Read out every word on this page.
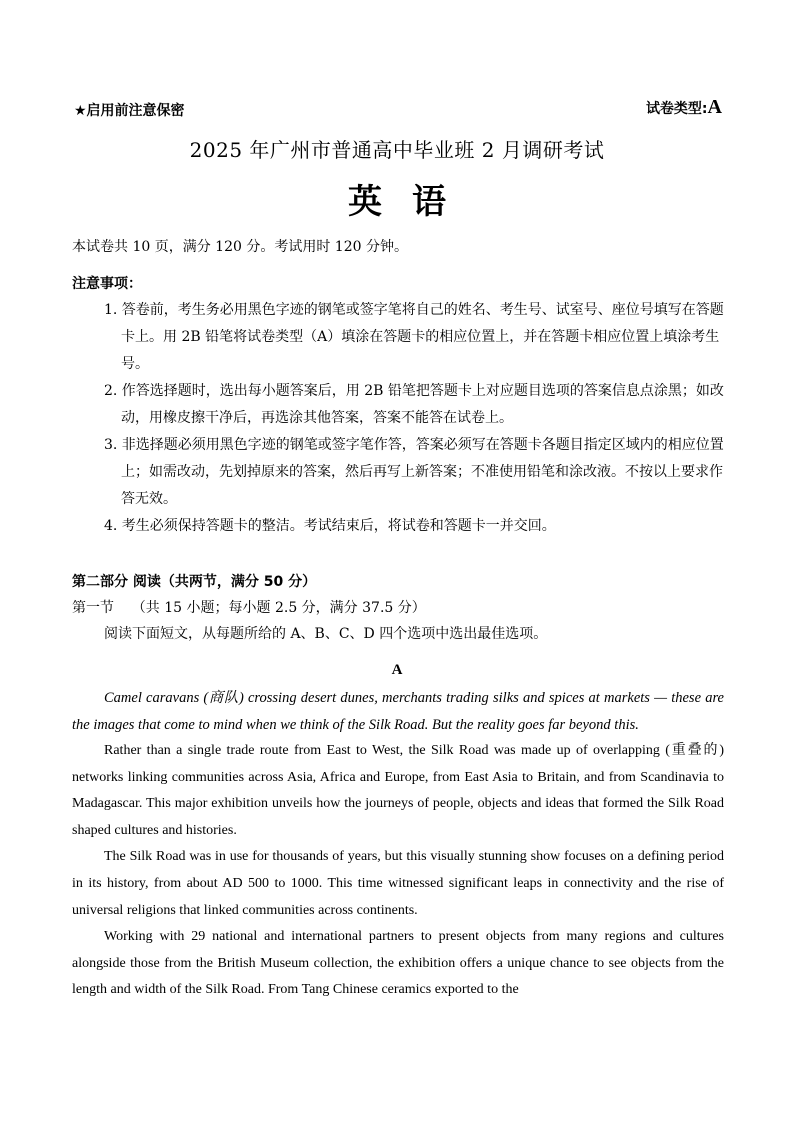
★启用前注意保密	试卷类型:A
2025 年广州市普通高中毕业班 2 月调研考试
英语
本试卷共 10 页，满分 120 分。考试用时 120 分钟。
注意事项：
1. 答卷前，考生务必用黑色字迹的钢笔或签字笔将自己的姓名、考生号、试室号、座位号填写在答题卡上。用 2B 铅笔将试卷类型（A）填涂在答题卡的相应位置上，并在答题卡相应位置上填涂考生号。
2. 作答选择题时，选出每小题答案后，用 2B 铅笔把答题卡上对应题目选项的答案信息点涂黑；如改动，用橡皮擦干净后，再选涂其他答案，答案不能答在试卷上。
3. 非选择题必须用黑色字迹的钢笔或签字笔作答，答案必须写在答题卡各题目指定区域内的相应位置上；如需改动，先划掉原来的答案，然后再写上新答案；不准使用铅笔和涂改液。不按以上要求作答无效。
4. 考生必须保持答题卡的整洁。考试结束后，将试卷和答题卡一并交回。
第二部分 阅读（共两节，满分 50 分）
第一节    （共 15 小题；每小题 2.5 分，满分 37.5 分）
阅读下面短文，从每题所给的 A、B、C、D 四个选项中选出最佳选项。
A

Camel caravans (商队) crossing desert dunes, merchants trading silks and spices at markets — these are the images that come to mind when we think of the Silk Road. But the reality goes far beyond this.

Rather than a single trade route from East to West, the Silk Road was made up of overlapping (重叠的) networks linking communities across Asia, Africa and Europe, from East Asia to Britain, and from Scandinavia to Madagascar. This major exhibition unveils how the journeys of people, objects and ideas that formed the Silk Road shaped cultures and histories.

The Silk Road was in use for thousands of years, but this visually stunning show focuses on a defining period in its history, from about AD 500 to 1000. This time witnessed significant leaps in connectivity and the rise of universal religions that linked communities across continents.

Working with 29 national and international partners to present objects from many regions and cultures alongside those from the British Museum collection, the exhibition offers a unique chance to see objects from the length and width of the Silk Road. From Tang Chinese ceramics exported to the
